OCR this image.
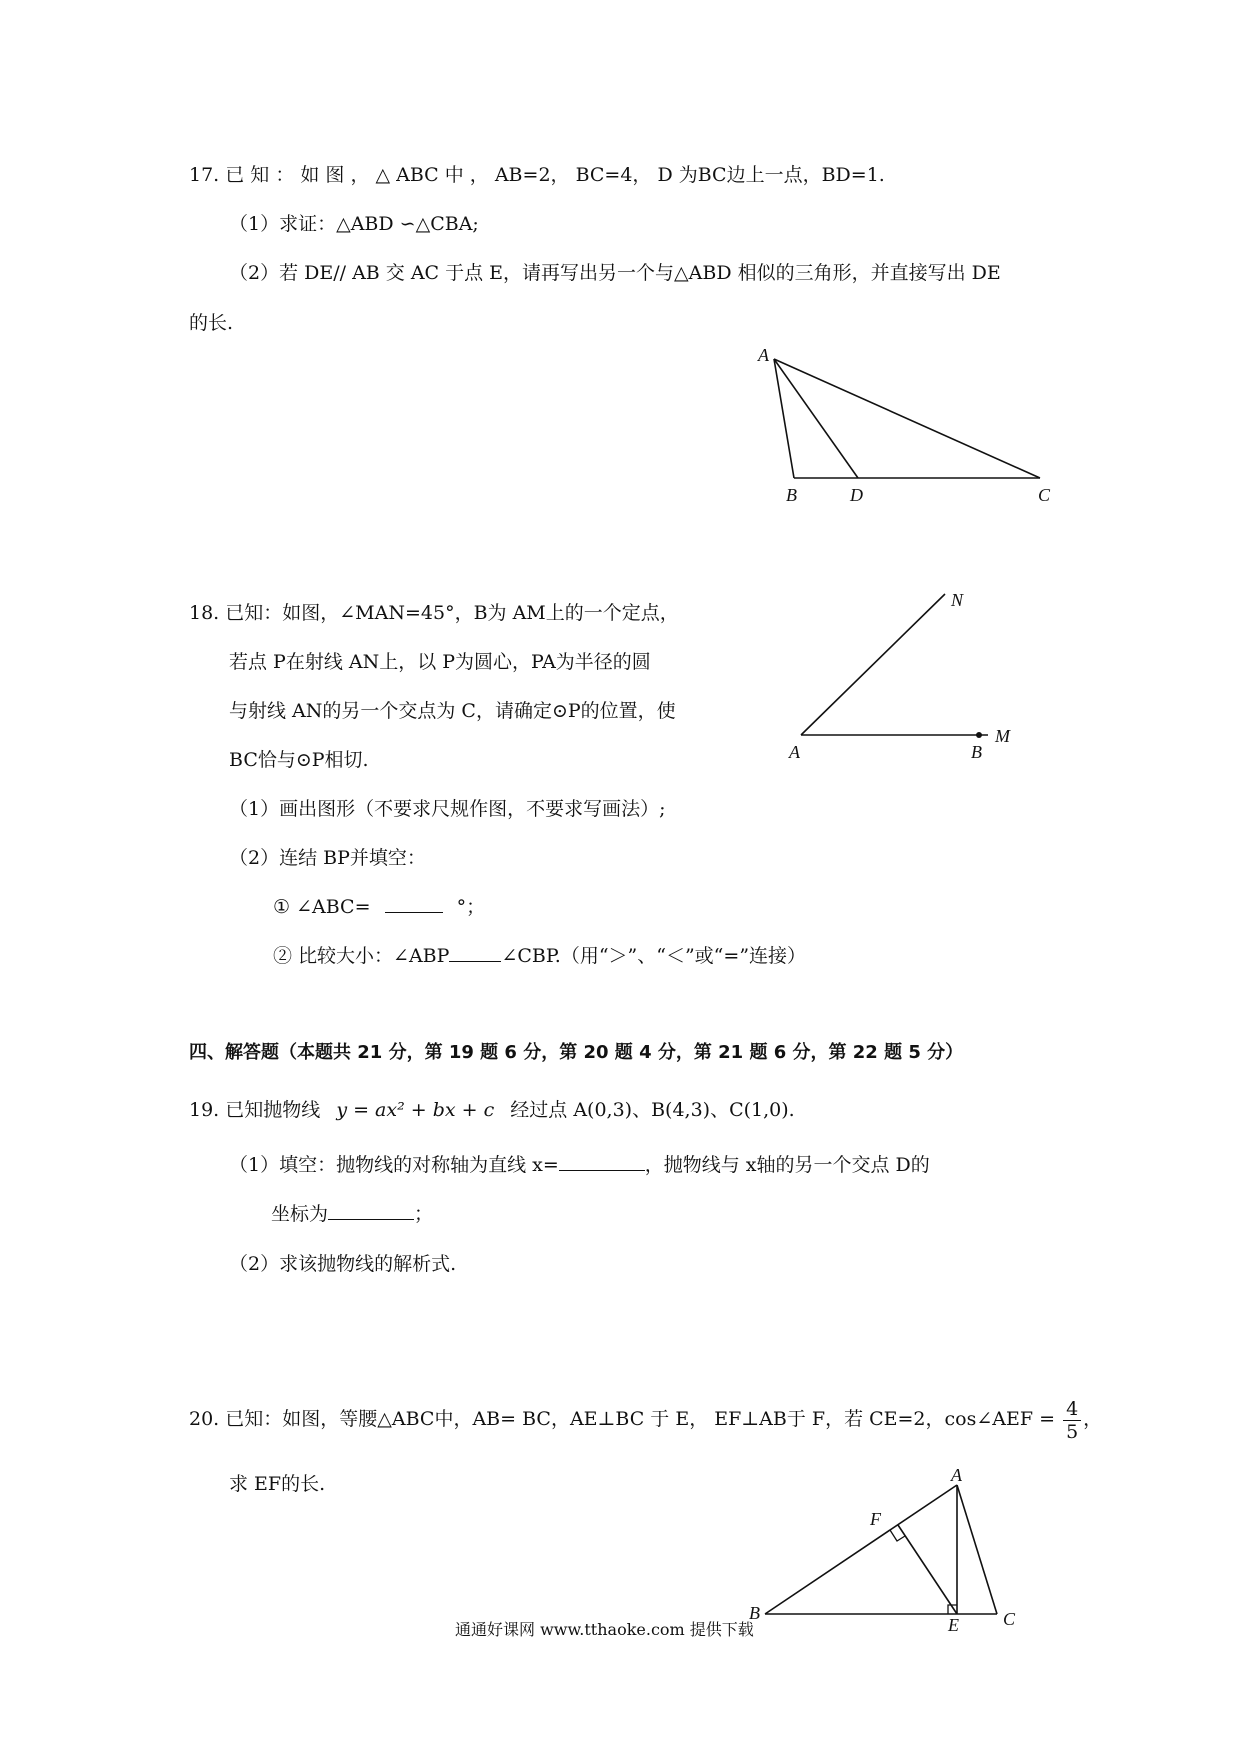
17. 已 知 ： 如 图 ， △ ABC 中 ， AB=2， BC=4， D 为BC边上一点，BD=1.
（1）求证：△ABD ∽△CBA;
（2）若 DE// AB 交 AC 于点 E，请再写出另一个与△ABD 相似的三角形，并直接写出 DE
的长.
A
B	D	C
18. 已知：如图，∠MAN=45°，B为 AM上的一个定点，
若点 P在射线 AN上，以 P为圆心，PA为半径的圆
与射线 AN的另一个交点为 C，请确定⊙P的位置，使
BC恰与⊙P相切.
（1）画出图形（不要求尺规作图，不要求写画法）;
（2）连结 BP并填空：
① ∠ABC=	°；
② 比较大小：∠ABP	∠CBP.（用“＞”、“＜”或“=”连接）
N
A	B
M
四、解答题（本题共 21 分，第 19 题 6 分，第 20 题 4 分，第 21 题 6 分，第 22 题 5 分）
19. 已知抛物线 y = ax² + bx + c 经过点 A(0,3)、B(4,3)、C(1,0).
（1）填空：抛物线的对称轴为直线 x=	，抛物线与 x轴的另一个交点 D的
坐标为	；
（2）求该抛物线的解析式.
20. 已知：如图，等腰△ABC中，AB= BC，AE⊥BC 于 E， EF⊥AB于 F，若 CE=2，cos∠AEF = $\frac{4}{5}$ ，
求 EF的长.	A
F
B
E C
通通好课网 www.tthaoke.com 提供下载
